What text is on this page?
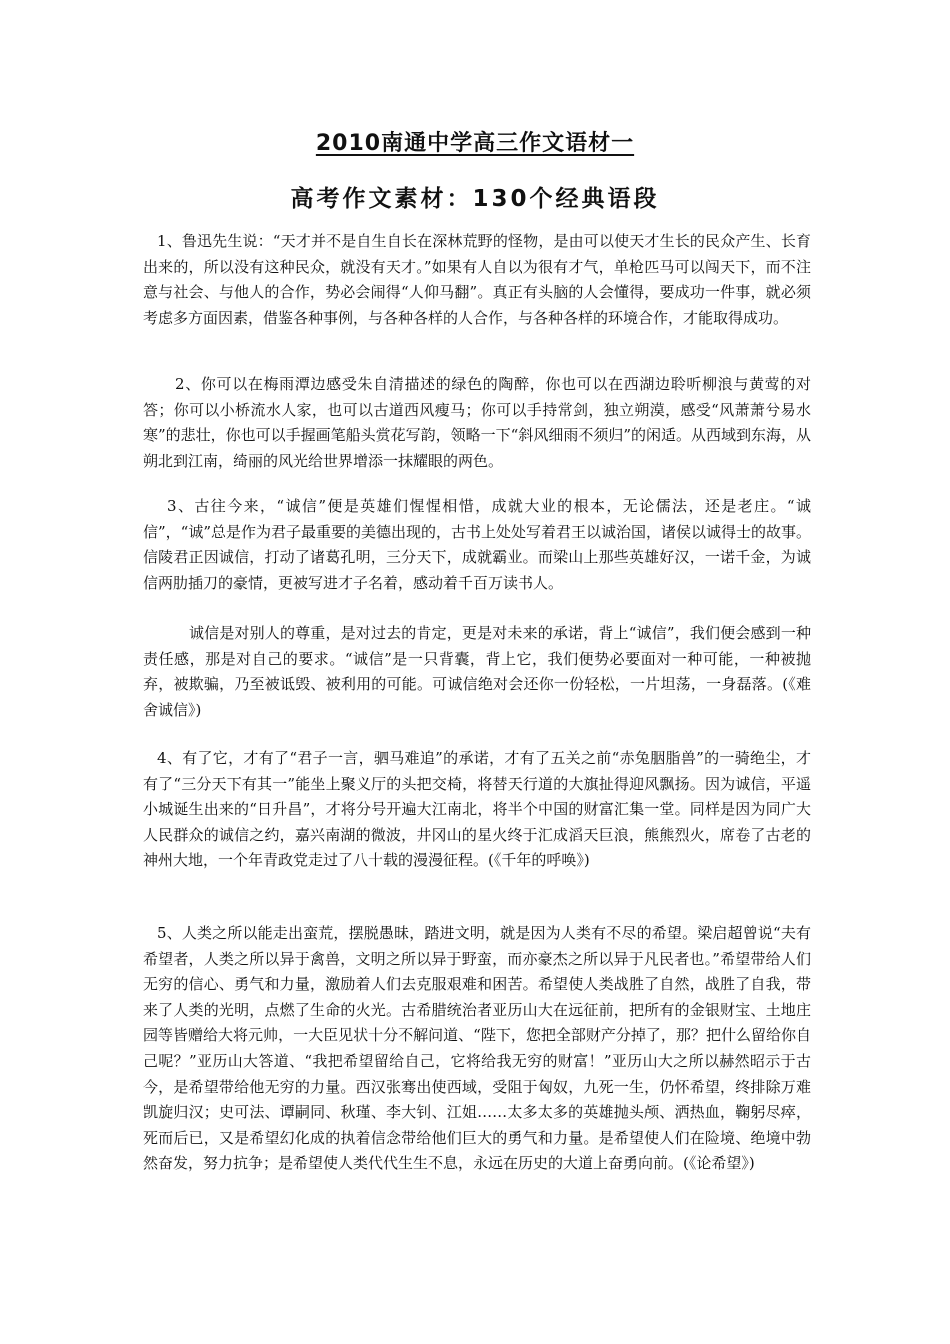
2010南通中学高三作文语材一
高考作文素材：130个经典语段

1、鲁迅先生说：“天才并不是自生自长在深林荒野的怪物，是由可以使天才生长的民众产生、长育出来的，所以没有这种民众，就没有天才。”如果有人自以为很有才气，单枪匹马可以闯天下，而不注意与社会、与他人的合作，势必会闹得“人仰马翻”。真正有头脑的人会懂得，要成功一件事，就必须考虑多方面因素，借鉴各种事例，与各种各样的人合作，与各种各样的环境合作，才能取得成功。

2、你可以在梅雨潭边感受朱自清描述的绿色的陶醉，你也可以在西湖边聆听柳浪与黄莺的对答；你可以小桥流水人家，也可以古道西风瘦马；你可以手持常剑，独立朔漠，感受“风萧萧兮易水寒”的悲壮，你也可以手握画笔船头赏花写韵，领略一下“斜风细雨不须归”的闲适。从西域到东海，从朔北到江南，绮丽的风光给世界增添一抹耀眼的两色。

3、古往今来，“诚信”便是英雄们惺惺相惜，成就大业的根本，无论儒法，还是老庄。“诚信”，“诚”总是作为君子最重要的美德出现的，古书上处处写着君王以诚治国，诸侯以诚得士的故事。信陵君正因诚信，打动了诸葛孔明，三分天下，成就霸业。而梁山上那些英雄好汉，一诺千金，为诚信两肋插刀的豪情，更被写进才子名着，感动着千百万读书人。

诚信是对别人的尊重，是对过去的肯定，更是对未来的承诺，背上“诚信”，我们便会感到一种责任感，那是对自己的要求。“诚信”是一只背囊，背上它，我们便势必要面对一种可能，一种被抛弃，被欺骗，乃至被诋毁、被利用的可能。可诚信绝对会还你一份轻松，一片坦荡，一身磊落。(《难舍诚信》)

4、有了它，才有了“君子一言，驷马难追”的承诺，才有了五关之前“赤兔胭脂兽”的一骑绝尘，才有了“三分天下有其一”能坐上聚义厅的头把交椅，将替天行道的大旗扯得迎风飘扬。因为诚信，平遥小城诞生出来的“日升昌”，才将分号开遍大江南北，将半个中国的财富汇集一堂。同样是因为同广大人民群众的诚信之约，嘉兴南湖的微波，井冈山的星火终于汇成滔天巨浪，熊熊烈火，席卷了古老的神州大地，一个年青政党走过了八十载的漫漫征程。(《千年的呼唤》)

5、人类之所以能走出蛮荒，摆脱愚昧，踏进文明，就是因为人类有不尽的希望。梁启超曾说“夫有希望者，人类之所以异于禽兽，文明之所以异于野蛮，而亦豪杰之所以异于凡民者也。”希望带给人们无穷的信心、勇气和力量，激励着人们去克服艰难和困苦。希望使人类战胜了自然，战胜了自我，带来了人类的光明，点燃了生命的火光。古希腊统治者亚历山大在远征前，把所有的金银财宝、土地庄园等皆赠给大将元帅，一大臣见状十分不解问道、“陛下，您把全部财产分掉了，那？把什么留给你自己呢？”亚历山大答道、“我把希望留给自己，它将给我无穷的财富！”亚历山大之所以赫然昭示于古今，是希望带给他无穷的力量。西汉张骞出使西域，受阻于匈奴，九死一生，仍怀希望，终排除万难凯旋归汉；史可法、谭嗣同、秋瑾、李大钊、江姐……太多太多的英雄抛头颅、洒热血，鞠躬尽瘁，死而后已，又是希望幻化成的执着信念带给他们巨大的勇气和力量。是希望使人们在险境、绝境中勃然奋发，努力抗争；是希望使人类代代生生不息，永远在历史的大道上奋勇向前。(《论希望》)
